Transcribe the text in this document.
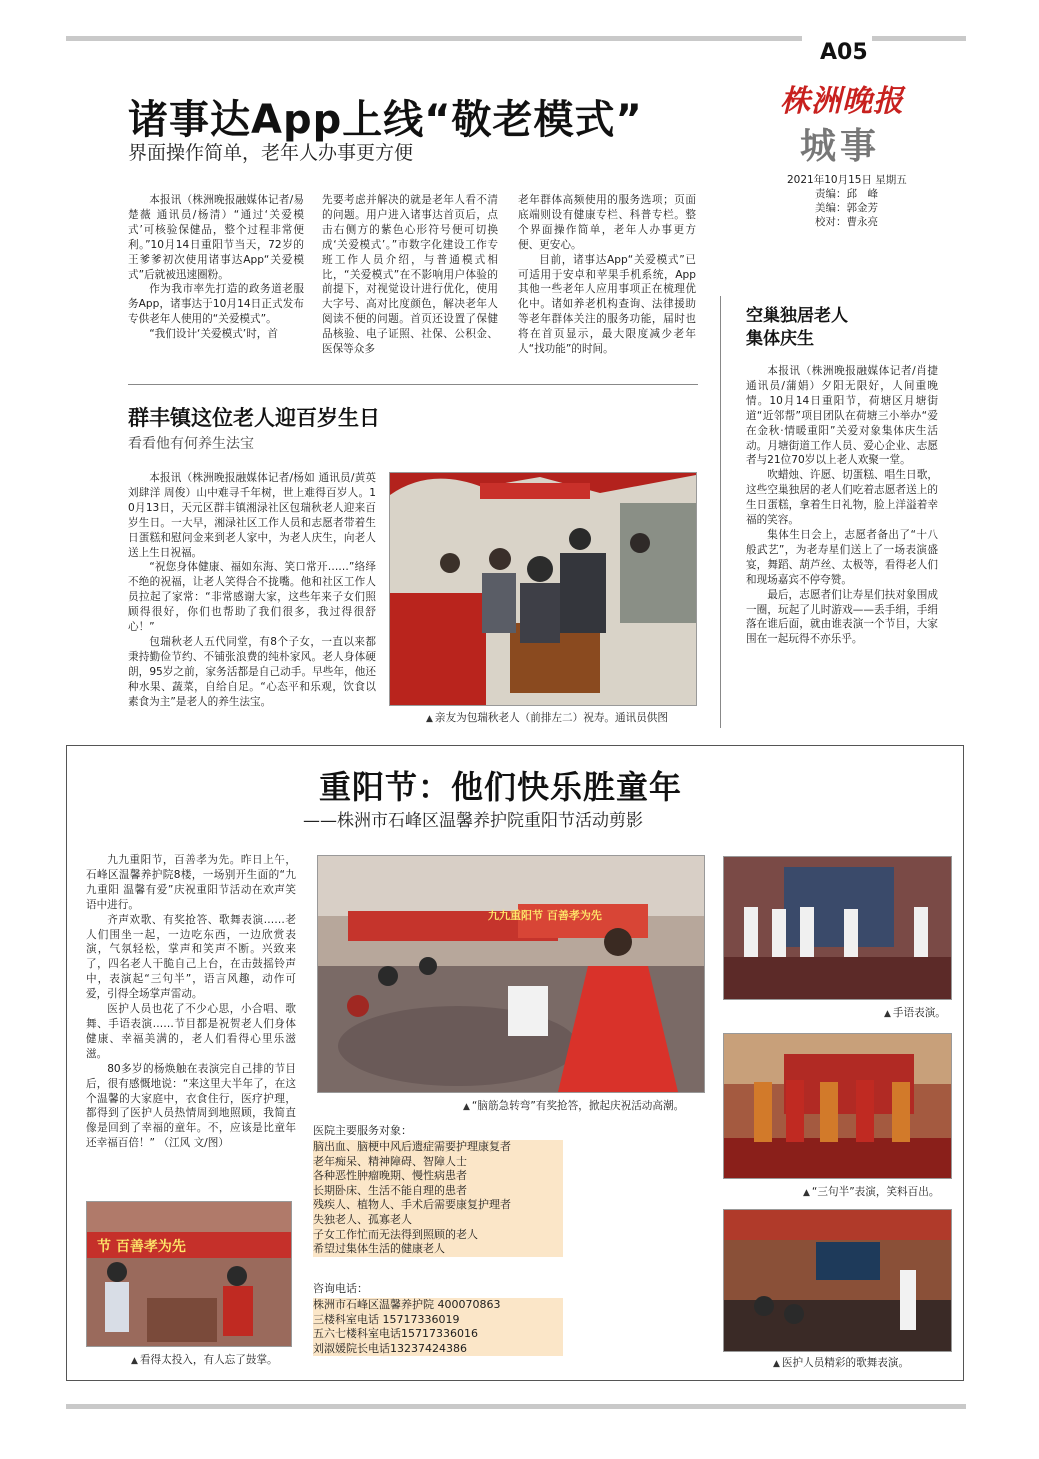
A05
株洲晚报
城事
2021年10月15日 星期五
责编：邱　峰
美编：郭金芳
校对：曹永亮
诸事达App上线“敬老模式”
界面操作简单，老年人办事更方便

本报讯（株洲晚报融媒体记者/易楚薇 通讯员/杨清）“通过‘关爱模式’可核验保健品，整个过程非常便利。”10月14日重阳节当天，72岁的王爹爹初次使用诸事达App“关爱模式”后就被迅速圈粉。

作为我市率先打造的政务道老服务App，诸事达于10月14日正式发布专供老年人使用的“关爱模式”。

“我们设计‘关爱模式’时，首

先要考虑并解决的就是老年人看不清的问题。用户进入诸事达首页后，点击右侧方的紫色心形符号便可切换成‘关爱模式’。”市数字化建设工作专班工作人员介绍，与普通模式相比，“关爱模式”在不影响用户体验的前提下，对视觉设计进行优化，使用大字号、高对比度颜色，解决老年人阅读不便的问题。首页还设置了保健品核验、电子证照、社保、公积金、医保等众多

老年群体高频使用的服务选项；页面底端则设有健康专栏、科普专栏。整个界面操作简单，老年人办事更方便、更安心。

目前，诸事达App“关爱模式”已可适用于安卓和苹果手机系统，App其他一些老年人应用事项正在梳理优化中。诸如养老机构查询、法律援助等老年群体关注的服务功能，届时也将在首页显示，最大限度减少老年人“找功能”的时间。

空巢独居老人
集体庆生

本报讯（株洲晚报融媒体记者/肖捷 通讯员/蒲娟）夕阳无限好，人间重晚情。10月14日重阳节，荷塘区月塘街道“近邻帮”项目团队在荷塘三小举办“爱在金秋·情暖重阳”关爱对象集体庆生活动。月塘街道工作人员、爱心企业、志愿者与21位70岁以上老人欢聚一堂。

吹蜡烛、许愿、切蛋糕、唱生日歌，这些空巢独居的老人们吃着志愿者送上的生日蛋糕，拿着生日礼物，脸上洋溢着幸福的笑容。

集体生日会上，志愿者备出了“十八般武艺”，为老寿星们送上了一场表演盛宴，舞蹈、葫芦丝、太极等，看得老人们和现场嘉宾不停夸赞。

最后，志愿者们让寿星们扶对象围成一圈，玩起了儿时游戏——丢手绢，手绢落在谁后面，就由谁表演一个节目，大家围在一起玩得不亦乐乎。

群丰镇这位老人迎百岁生日
看看他有何养生法宝

本报讯（株洲晚报融媒体记者/杨如 通讯员/黄英 刘肆洋 周俊）山中难寻千年树，世上难得百岁人。10月13日，天元区群丰镇湘渌社区包瑞秋老人迎来百岁生日。一大早，湘渌社区工作人员和志愿者带着生日蛋糕和慰问金来到老人家中，为老人庆生，向老人送上生日祝福。

“祝您身体健康、福如东海、笑口常开……”络绎不绝的祝福，让老人笑得合不拢嘴。他和社区工作人员拉起了家常：“非常感谢大家，这些年来子女们照顾得很好，你们也帮助了我们很多，我过得很舒心！”

包瑞秋老人五代同堂，有8个子女，一直以来都秉持勤俭节约、不铺张浪费的纯朴家风。老人身体硬朗，95岁之前，家务活都是自己动手。早些年，他还种水果、蔬菜，自给自足。“心态平和乐观，饮食以素食为主”是老人的养生法宝。

▲ 亲友为包瑞秋老人（前排左二）祝寿。通讯员供图
重阳节：他们快乐胜童年
——株洲市石峰区温馨养护院重阳节活动剪影

九九重阳节，百善孝为先。昨日上午，石峰区温馨养护院8楼，一场别开生面的“九九重阳 温馨有爱”庆祝重阳节活动在欢声笑语中进行。

齐声欢歌、有奖抢答、歌舞表演……老人们围坐一起，一边吃东西，一边欣赏表演，气氛轻松，掌声和笑声不断。兴致来了，四名老人干脆自己上台，在击鼓摇铃声中，表演起“三句半”，语言风趣，动作可爱，引得全场掌声雷动。

医护人员也花了不少心思，小合唱、歌舞、手语表演……节目都是祝贺老人们身体健康、幸福美满的，老人们看得心里乐滋滋。

80多岁的杨焕触在表演完自己排的节目后，很有感慨地说：“来这里大半年了，在这个温馨的大家庭中，衣食住行，医疗护理，都得到了医护人员热情周到地照顾，我简直像是回到了幸福的童年。不，应该是比童年还幸福百倍！” （江风 文/图）

九九重阳节 百善孝为先
▲ “脑筋急转弯”有奖抢答，掀起庆祝活动高潮。
▲ 手语表演。
▲ “三句半”表演，笑料百出。
▲ 医护人员精彩的歌舞表演。
节 百善孝为先
▲ 看得太投入，有人忘了鼓掌。
医院主要服务对象：
脑出血、脑梗中风后遗症需要护理康复者
老年痴呆、精神障碍、智障人士
各种恶性肿瘤晚期、慢性病患者
长期卧床、生活不能自理的患者
残疾人、植物人、手术后需要康复护理者
失独老人、孤寡老人
子女工作忙而无法得到照顾的老人
希望过集体生活的健康老人
咨询电话：
株洲市石峰区温馨养护院 400070863
三楼科室电话 15717336019
五六七楼科室电话15717336016
刘淑媛院长电话13237424386
